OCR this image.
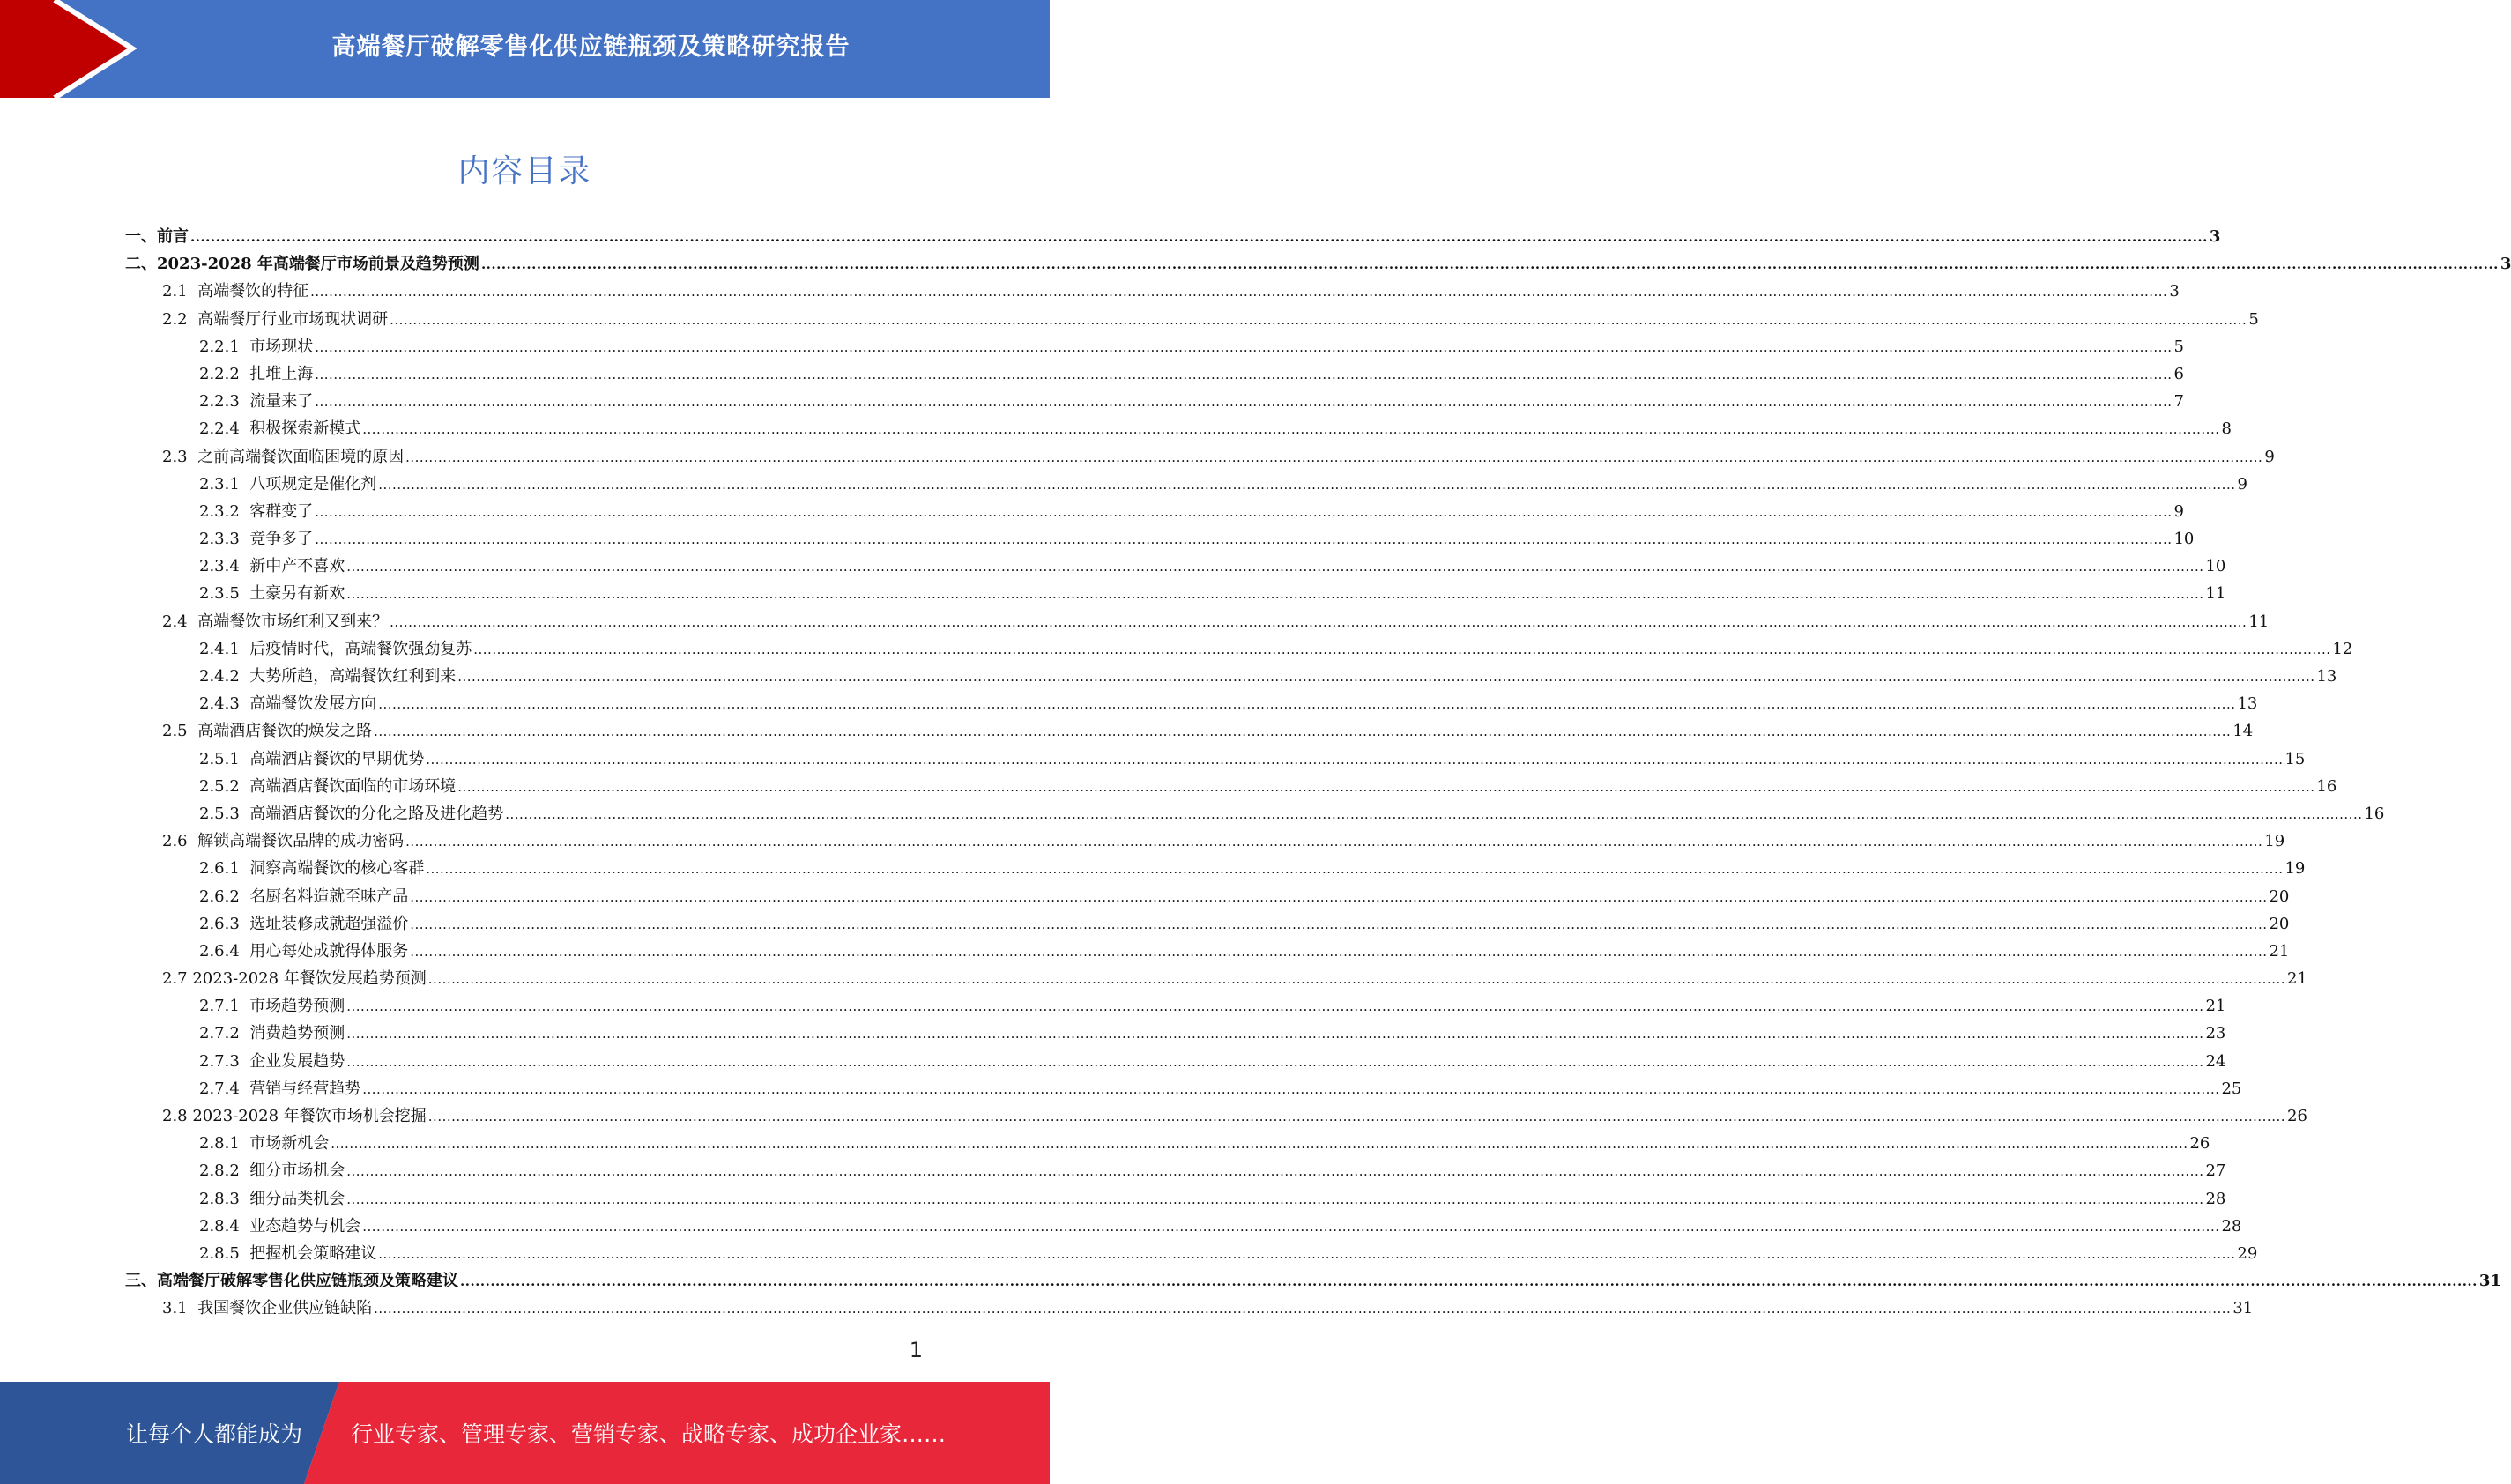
高端餐厅破解零售化供应链瓶颈及策略研究报告
内容目录
一、 前言 ................................................................................................................................................................................................................................................................................................................................................................................................................ 3
二、 2023-2028 年高端餐厅市场前景及趋势预测 ................................................................................................................................................................................................................................................................................................................................................................................................................ 3
2.1 高端餐饮的特征 ................................................................................................................................................................................................................................................................................................................................................................................................................ 3
2.2 高端餐厅行业市场现状调研 ................................................................................................................................................................................................................................................................................................................................................................................................................ 5
2.2.1 市场现状 ................................................................................................................................................................................................................................................................................................................................................................................................................ 5
2.2.2 扎堆上海 ................................................................................................................................................................................................................................................................................................................................................................................................................ 6
2.2.3 流量来了 ................................................................................................................................................................................................................................................................................................................................................................................................................ 7
2.2.4 积极探索新模式 ................................................................................................................................................................................................................................................................................................................................................................................................................ 8
2.3 之前高端餐饮面临困境的原因 ................................................................................................................................................................................................................................................................................................................................................................................................................ 9
2.3.1 八项规定是催化剂 ................................................................................................................................................................................................................................................................................................................................................................................................................ 9
2.3.2 客群变了 ................................................................................................................................................................................................................................................................................................................................................................................................................ 9
2.3.3 竞争多了 ................................................................................................................................................................................................................................................................................................................................................................................................................ 10
2.3.4 新中产不喜欢 ................................................................................................................................................................................................................................................................................................................................................................................................................ 10
2.3.5 土豪另有新欢 ................................................................................................................................................................................................................................................................................................................................................................................................................ 11
2.4 高端餐饮市场红利又到来？ ................................................................................................................................................................................................................................................................................................................................................................................................................ 11
2.4.1 后疫情时代，高端餐饮强劲复苏 ................................................................................................................................................................................................................................................................................................................................................................................................................ 12
2.4.2 大势所趋，高端餐饮红利到来 ................................................................................................................................................................................................................................................................................................................................................................................................................ 13
2.4.3 高端餐饮发展方向 ................................................................................................................................................................................................................................................................................................................................................................................................................ 13
2.5 高端酒店餐饮的焕发之路 ................................................................................................................................................................................................................................................................................................................................................................................................................ 14
2.5.1 高端酒店餐饮的早期优势 ................................................................................................................................................................................................................................................................................................................................................................................................................ 15
2.5.2 高端酒店餐饮面临的市场环境 ................................................................................................................................................................................................................................................................................................................................................................................................................ 16
2.5.3 高端酒店餐饮的分化之路及进化趋势 ................................................................................................................................................................................................................................................................................................................................................................................................................ 16
2.6 解锁高端餐饮品牌的成功密码 ................................................................................................................................................................................................................................................................................................................................................................................................................ 19
2.6.1 洞察高端餐饮的核心客群 ................................................................................................................................................................................................................................................................................................................................................................................................................ 19
2.6.2 名厨名料造就至味产品 ................................................................................................................................................................................................................................................................................................................................................................................................................ 20
2.6.3 选址装修成就超强溢价 ................................................................................................................................................................................................................................................................................................................................................................................................................ 20
2.6.4 用心每处成就得体服务 ................................................................................................................................................................................................................................................................................................................................................................................................................ 21
2.7 2023-2028 年餐饮发展趋势预测 ................................................................................................................................................................................................................................................................................................................................................................................................................ 21
2.7.1 市场趋势预测 ................................................................................................................................................................................................................................................................................................................................................................................................................ 21
2.7.2 消费趋势预测 ................................................................................................................................................................................................................................................................................................................................................................................................................ 23
2.7.3 企业发展趋势 ................................................................................................................................................................................................................................................................................................................................................................................................................ 24
2.7.4 营销与经营趋势 ................................................................................................................................................................................................................................................................................................................................................................................................................ 25
2.8 2023-2028 年餐饮市场机会挖掘 ................................................................................................................................................................................................................................................................................................................................................................................................................ 26
2.8.1 市场新机会 ................................................................................................................................................................................................................................................................................................................................................................................................................ 26
2.8.2 细分市场机会 ................................................................................................................................................................................................................................................................................................................................................................................................................ 27
2.8.3 细分品类机会 ................................................................................................................................................................................................................................................................................................................................................................................................................ 28
2.8.4 业态趋势与机会 ................................................................................................................................................................................................................................................................................................................................................................................................................ 28
2.8.5 把握机会策略建议 ................................................................................................................................................................................................................................................................................................................................................................................................................ 29
三、 高端餐厅破解零售化供应链瓶颈及策略建议 ................................................................................................................................................................................................................................................................................................................................................................................................................ 31
3.1 我国餐饮企业供应链缺陷 ................................................................................................................................................................................................................................................................................................................................................................................................................ 31
1
让每个人都能成为 行业专家、管理专家、营销专家、战略专家、成功企业家……
